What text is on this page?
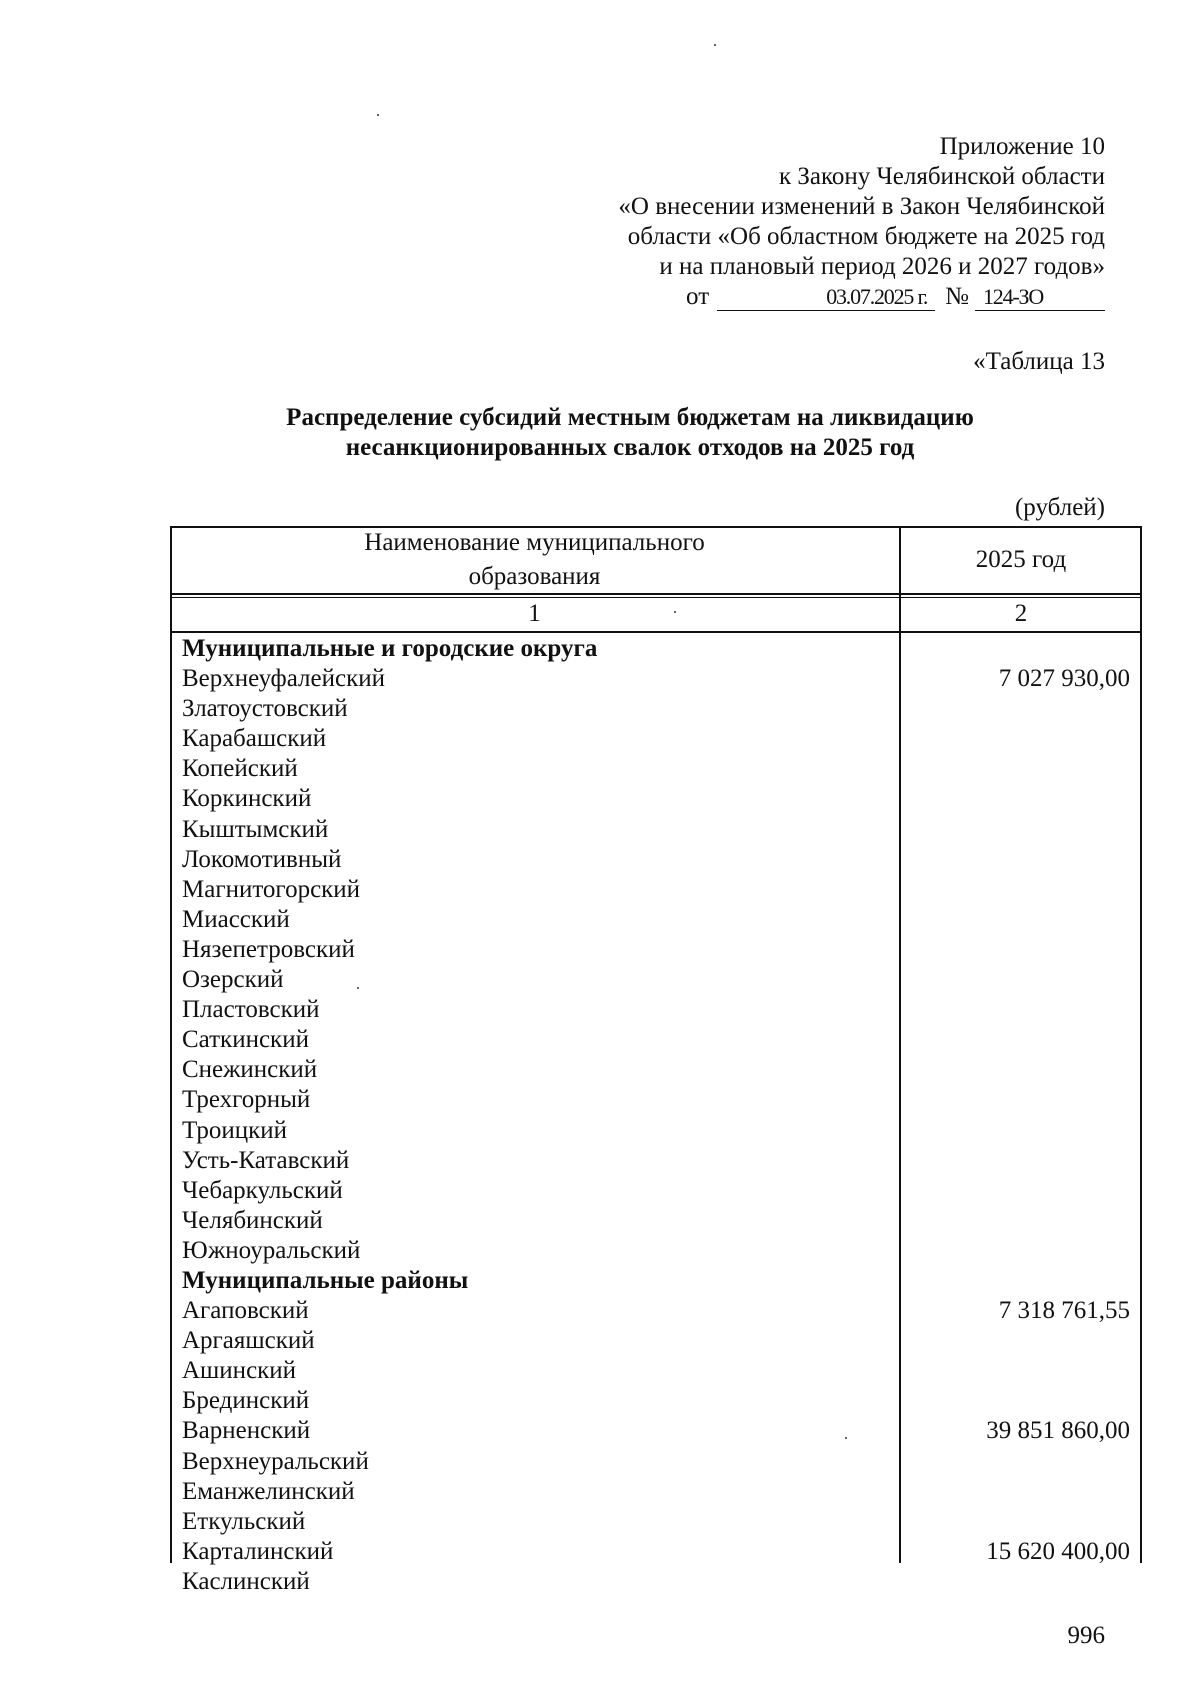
Приложение 10
к Закону Челябинской области
«О внесении изменений в Закон Челябинской
области «Об областном бюджете на 2025 год
и на плановый период 2026 и 2027 годов»
от	03.07.2025 г. № 124-ЗО
«Таблица 13
Распределение субсидий местным бюджетам на ликвидацию
несанкционированных свалок отходов на 2025 год
(рублей)
Наименование муниципального
образования
2025 год
1	2
Муниципальные и городские округа
Верхнеуфалейский
Златоустовский
Карабашский
Копейский
Коркинский
Кыштымский
Локомотивный
Магнитогорский
Миасский
Нязепетровский
Озерский
Пластовский
Саткинский
Снежинский
Трехгорный
Троицкий
Усть-Катавский
Чебаркульский
Челябинский
Южноуральский
Муниципальные районы
Агаповский
Аргаяшский
Ашинский
Брединский
Варненский
Верхнеуральский
Еманжелинский
Еткульский
Карталинский
Каслинский
7 027 930,00
7 318 761,55
39 851 860,00
15 620 400,00
996
